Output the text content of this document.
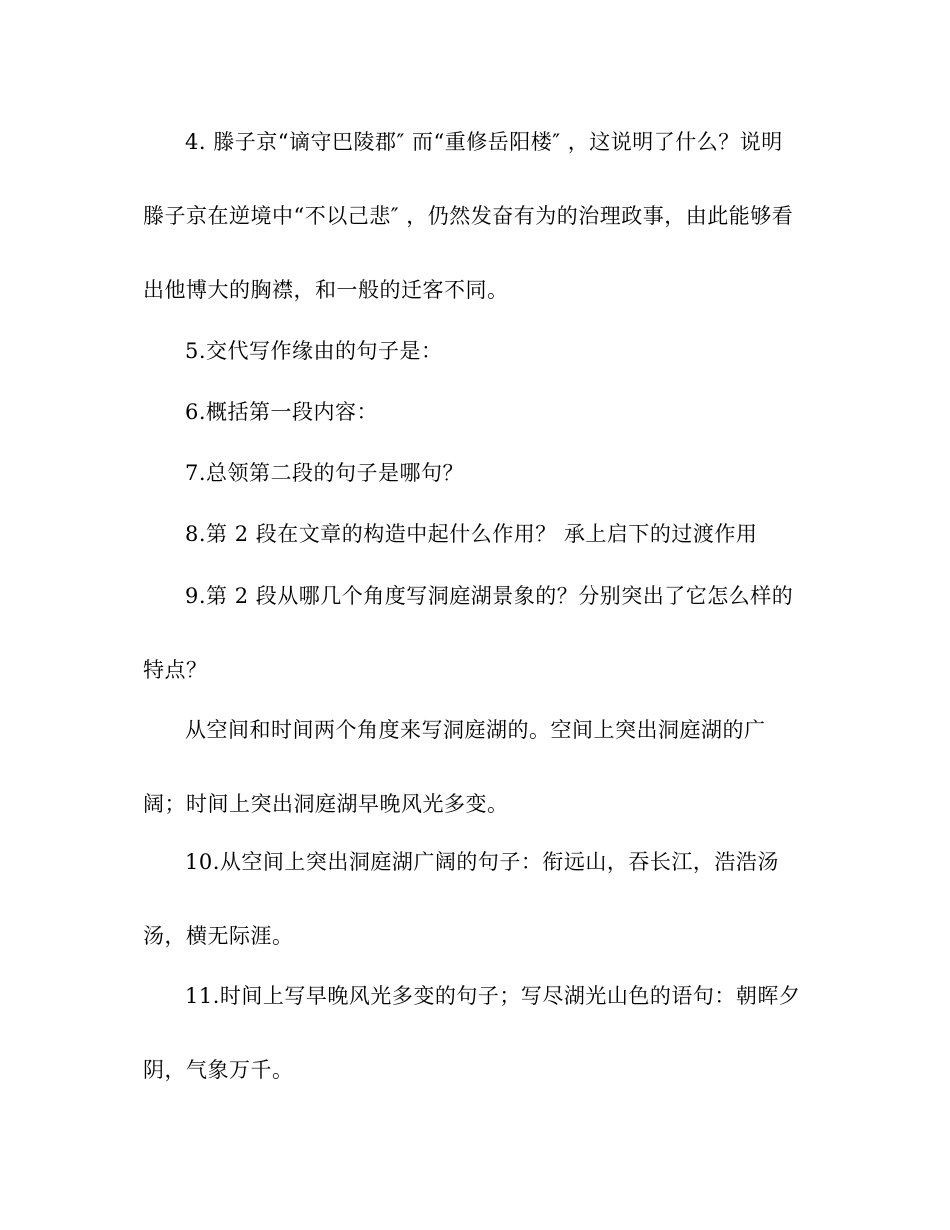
4. 滕子京“谪守巴陵郡″ 而“重修岳阳楼″ ，这说明了什么？说明
滕子京在逆境中“不以己悲″ ，仍然发奋有为的治理政事，由此能够看
出他博大的胸襟，和一般的迁客不同。
5.交代写作缘由的句子是：
6.概括第一段内容：
7.总领第二段的句子是哪句？
8.第 2 段在文章的构造中起什么作用？ 承上启下的过渡作用
9.第 2 段从哪几个角度写洞庭湖景象的？分别突出了它怎么样的
特点？
从空间和时间两个角度来写洞庭湖的。空间上突出洞庭湖的广
阔；时间上突出洞庭湖早晚风光多变。
10.从空间上突出洞庭湖广阔的句子：衔远山，吞长江，浩浩汤
汤，横无际涯。
11.时间上写早晚风光多变的句子；写尽湖光山色的语句：朝晖夕
阴，气象万千。
